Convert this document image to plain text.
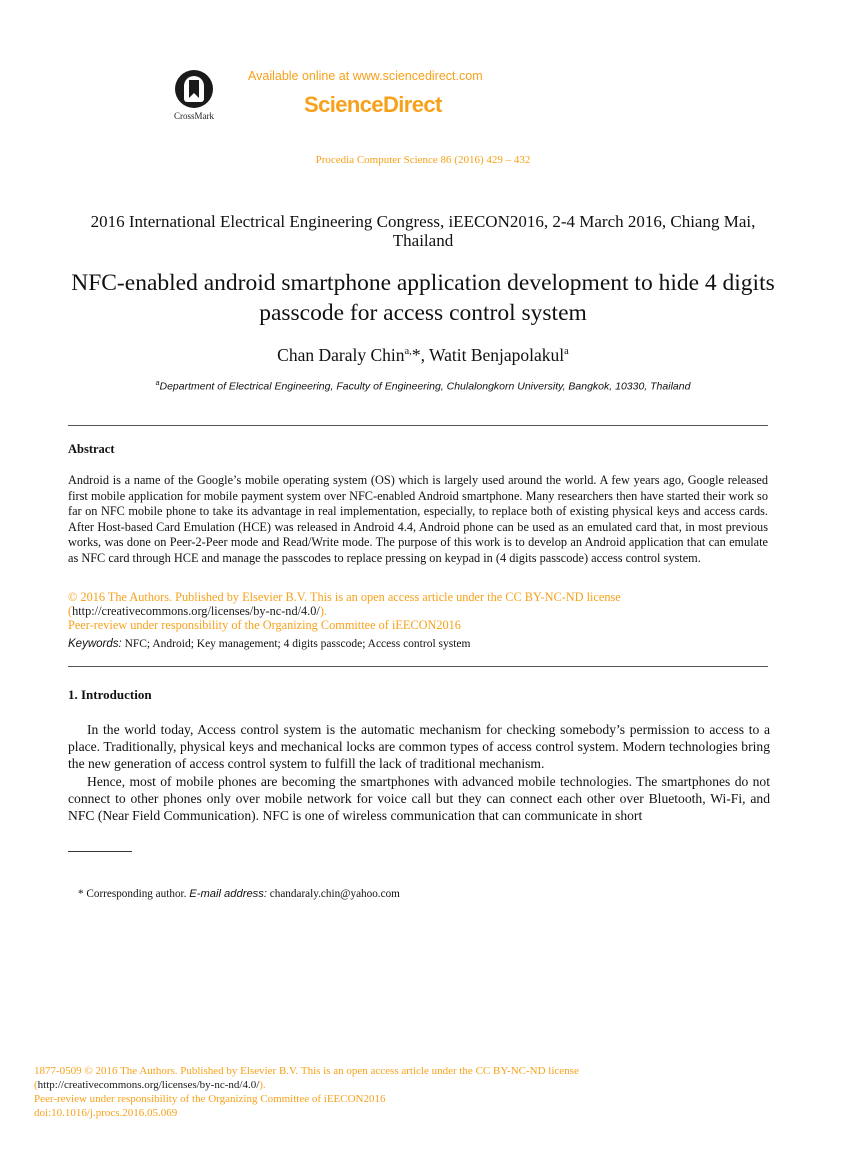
CrossMark
Available online at www.sciencedirect.com
ScienceDirect
Procedia Computer Science 86 (2016) 429 – 432
2016 International Electrical Engineering Congress, iEECON2016, 2-4 March 2016, Chiang Mai, Thailand
NFC-enabled android smartphone application development to hide 4 digits passcode for access control system
Chan Daraly Chin$^{a,}$*, Watit Benjapolakul$^a$
$^a$Department of Electrical Engineering, Faculty of Engineering, Chulalongkorn University, Bangkok, 10330, Thailand
Abstract
Android is a name of the Google’s mobile operating system (OS) which is largely used around the world. A few years ago, Google released first mobile application for mobile payment system over NFC-enabled Android smartphone. Many researchers then have started their work so far on NFC mobile phone to take its advantage in real implementation, especially, to replace both of existing physical keys and access cards. After Host-based Card Emulation (HCE) was released in Android 4.4, Android phone can be used as an emulated card that, in most previous works, was done on Peer-2-Peer mode and Read/Write mode. The purpose of this work is to develop an Android application that can emulate as NFC card through HCE and manage the passcodes to replace pressing on keypad in (4 digits passcode) access control system.
© 2016 The Authors. Published by Elsevier B.V. This is an open access article under the CC BY-NC-ND license
(http://creativecommons.org/licenses/by-nc-nd/4.0/).
Peer-review under responsibility of the Organizing Committee of iEECON2016
Keywords: NFC; Android; Key management; 4 digits passcode; Access control system
1. Introduction

In the world today, Access control system is the automatic mechanism for checking somebody’s permission to access to a place. Traditionally, physical keys and mechanical locks are common types of access control system. Modern technologies bring the new generation of access control system to fulfill the lack of traditional mechanism.

Hence, most of mobile phones are becoming the smartphones with advanced mobile technologies. The smartphones do not connect to other phones only over mobile network for voice call but they can connect each other over Bluetooth, Wi-Fi, and NFC (Near Field Communication). NFC is one of wireless communication that can communicate in short

* Corresponding author. E-mail address: chandaraly.chin@yahoo.com
1877-0509 © 2016 The Authors. Published by Elsevier B.V. This is an open access article under the CC BY-NC-ND license
(http://creativecommons.org/licenses/by-nc-nd/4.0/).
Peer-review under responsibility of the Organizing Committee of iEECON2016
doi:10.1016/j.procs.2016.05.069
